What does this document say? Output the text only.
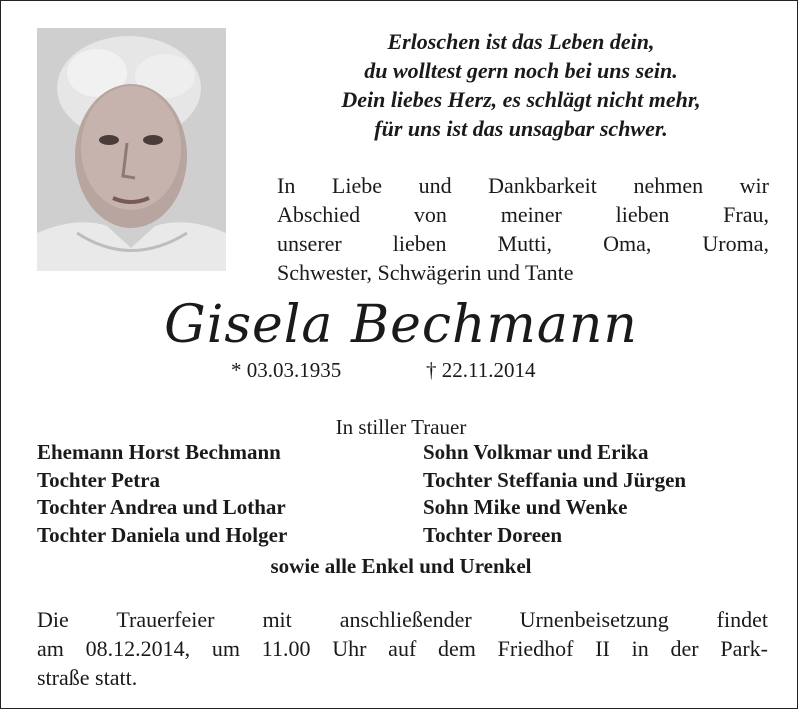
Erloschen ist das Leben dein,
du wolltest gern noch bei uns sein.
Dein liebes Herz, es schlägt nicht mehr,
für uns ist das unsagbar schwer.
In Liebe und Dankbarkeit nehmen wir
Abschied von meiner lieben Frau,
unserer lieben Mutti, Oma, Uroma,
Schwester, Schwägerin und Tante
Gisela Bechmann
* 03.03.1935	† 22.11.2014
In stiller Trauer
Ehemann Horst Bechmann
Tochter Petra
Tochter Andrea und Lothar
Tochter Daniela und Holger
Sohn Volkmar und Erika
Tochter Steffania und Jürgen
Sohn Mike und Wenke
Tochter Doreen
sowie alle Enkel und Urenkel
Die Trauerfeier mit anschließender Urnenbeisetzung findet
am 08.12.2014, um 11.00 Uhr auf dem Friedhof II in der Park-
straße statt.
